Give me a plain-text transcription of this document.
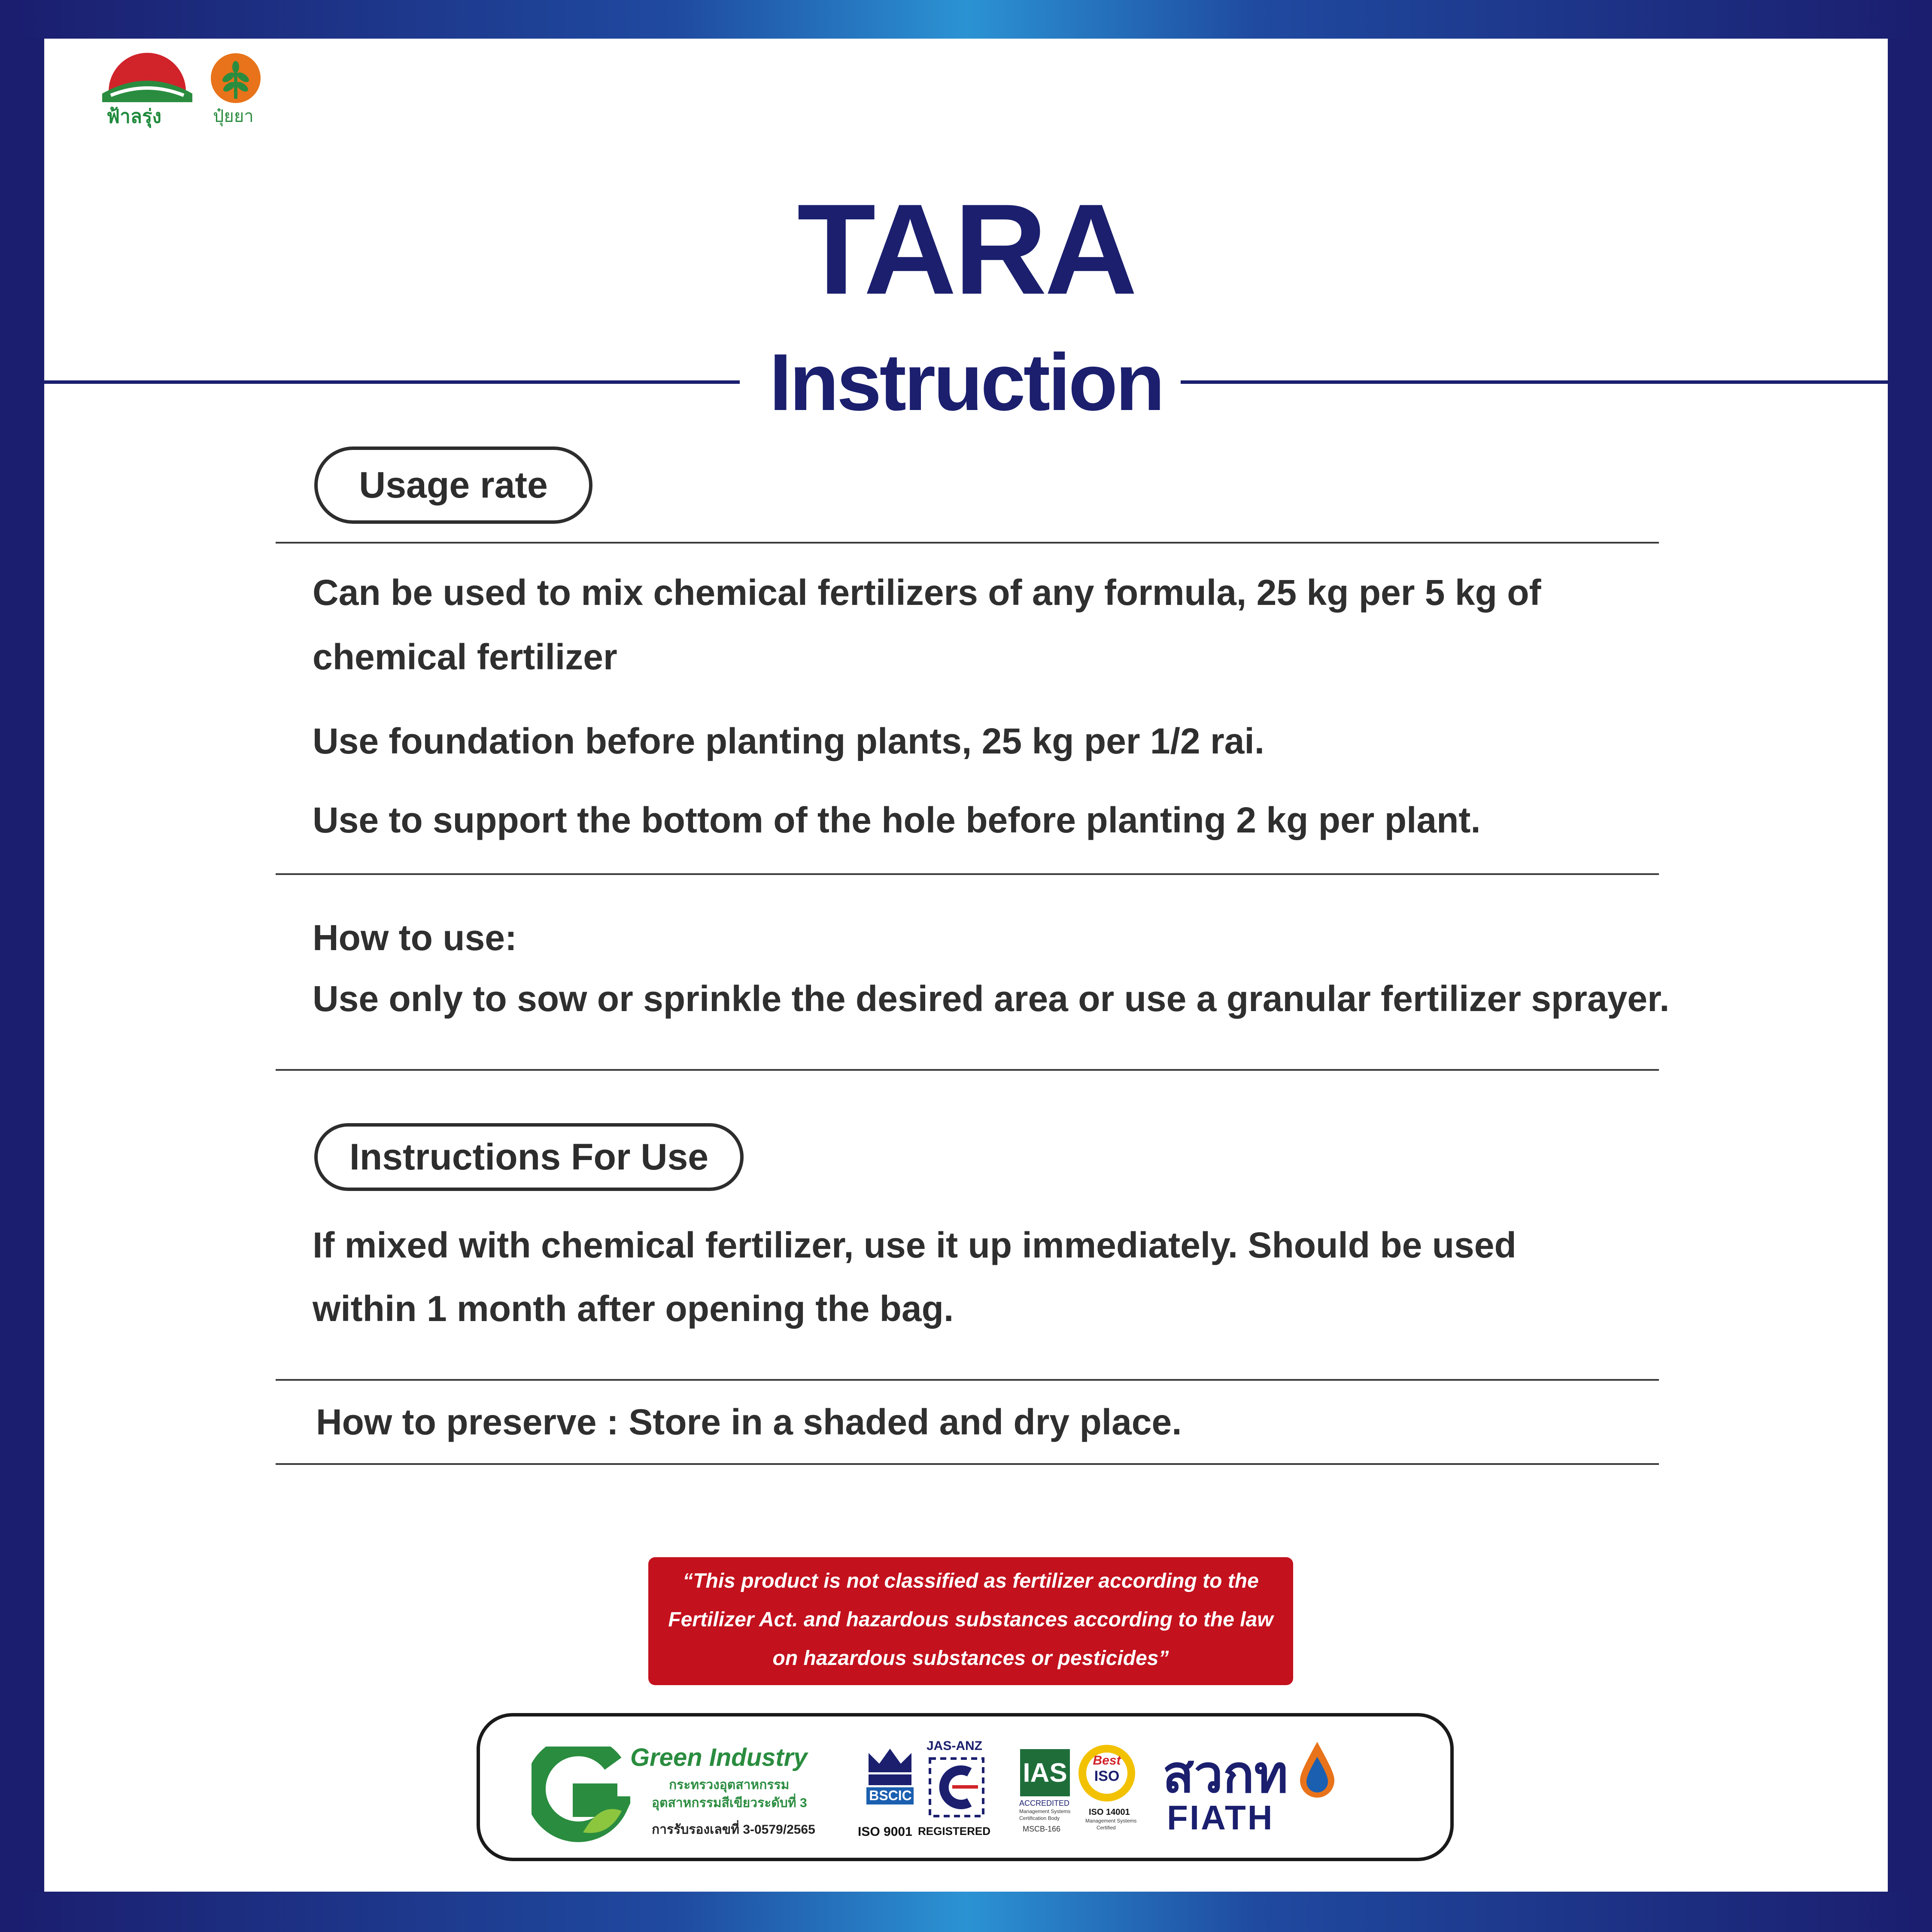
ฟ้าลรุ่ง	ปุ๋ยยา
TARA
Instruction
Usage rate
Can be used to mix chemical fertilizers of any formula, 25 kg per 5 kg of
chemical fertilizer
Use foundation before planting plants, 25 kg per 1/2 rai.
Use to support the bottom of the hole before planting 2 kg per plant.
How to use:
Use only to sow or sprinkle the desired area or use a granular fertilizer sprayer.
Instructions For Use
If mixed with chemical fertilizer, use it up immediately. Should be used
within 1 month after opening the bag.
How to preserve : Store in a shaded and dry place.
“This product is not classified as fertilizer according to the
Fertilizer Act. and hazardous substances according to the law
on hazardous substances or pesticides”
Green Industry
กระทรวงอุตสาหกรรม
อุตสาหกรรมสีเขียวระดับที่ 3
การรับรองเลขที่ 3-0579/2565
BSCIC
ISO 9001
JAS-ANZ
REGISTERED
IAS
ACCREDITED
Management Systems
Certification Body
MSCB-166
Best
ISO
ISO 14001
Management Systems
Certified
สวกท
FIATH
